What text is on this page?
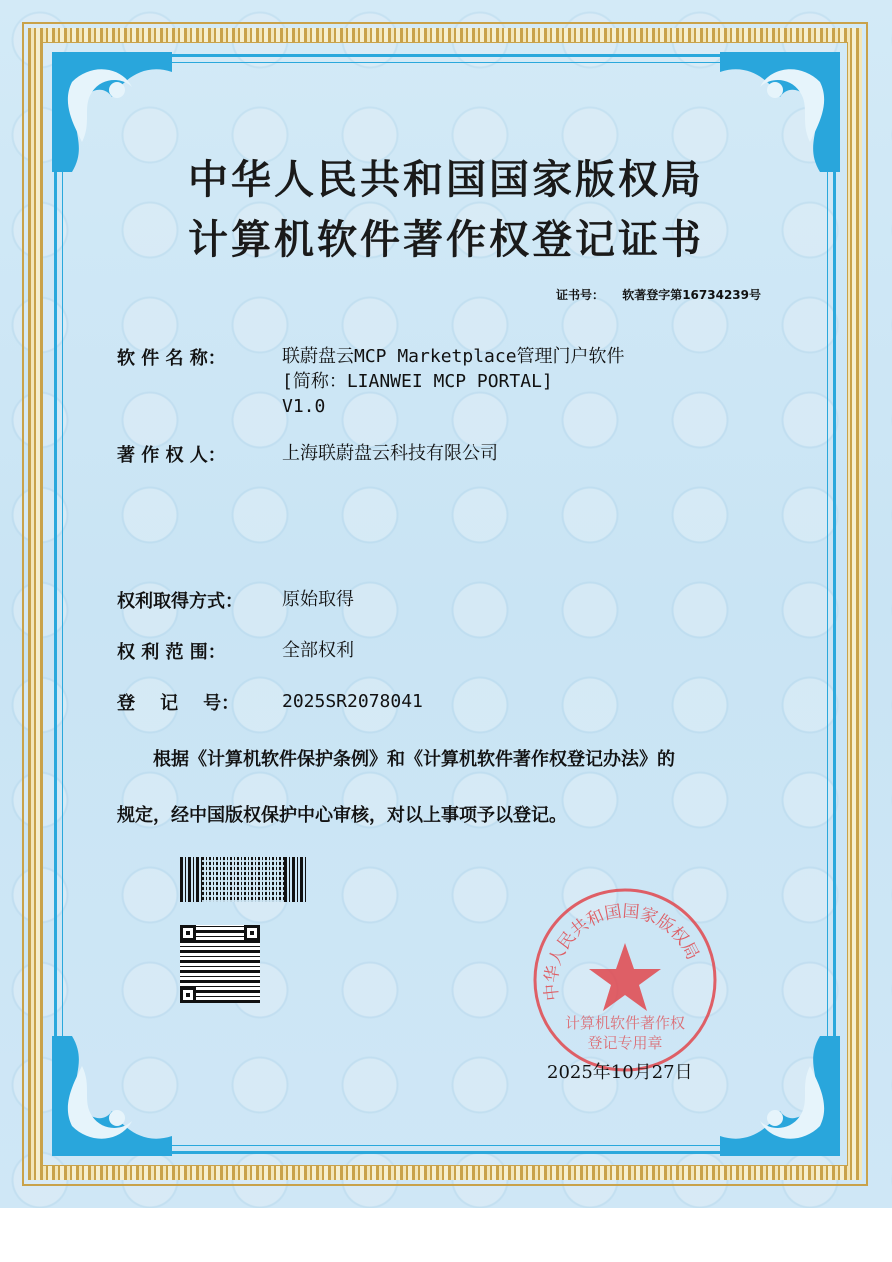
中华人民共和国国家版权局
计算机软件著作权登记证书
证书号： 软著登字第16734239号
软 件 名 称：	联蔚盘云MCP Marketplace管理门户软件
[简称：LIANWEI MCP PORTAL]
V1.0
著 作 权 人：	上海联蔚盘云科技有限公司
权利取得方式： 原始取得
权 利 范 围：	全部权利
登    记    号： 2025SR2078041
根据《计算机软件保护条例》和《计算机软件著作权登记办法》的
规定，经中国版权保护中心审核，对以上事项予以登记。
中华人民共和国国家版权局
计算机软件著作权
登记专用章
2025年10月27日
